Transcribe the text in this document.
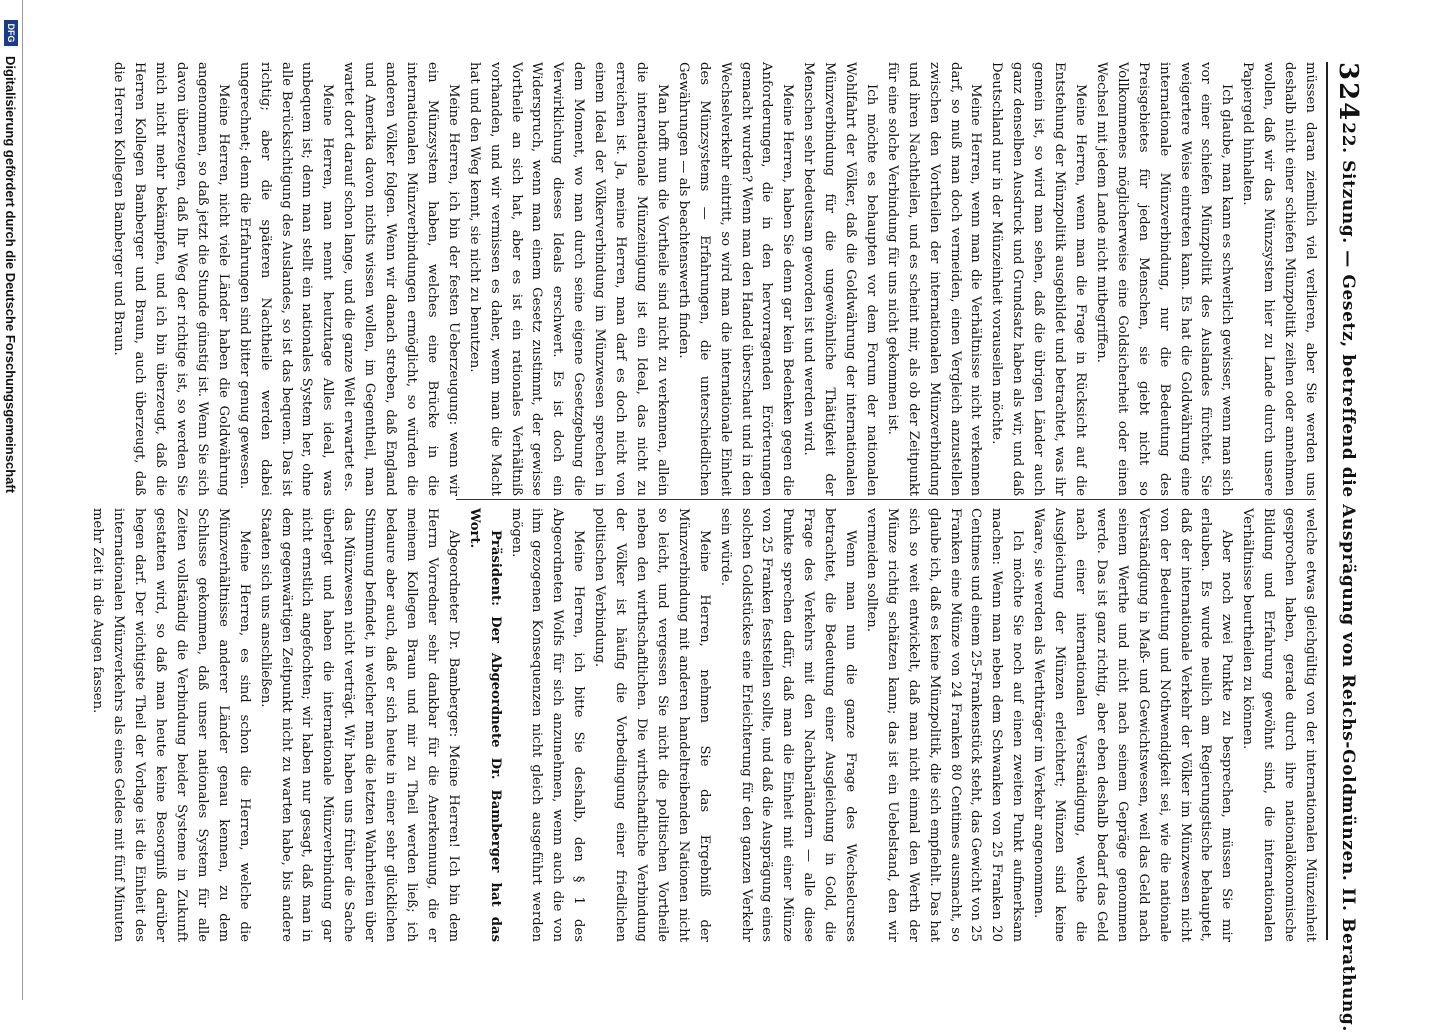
324
22. Sitzung. — Gesetz, betreffend die Ausprägung von Reichs-Goldmünzen. II. Berathung.

müssen daran ziemlich viel verlieren, aber Sie werden uns deshalb nicht einer schiefen Münzpolitik zeihen oder annehmen wollen, daß wir das Münzsystem hier zu Lande durch unsere Papiergeld hinhalten.

Ich glaube, man kann es schwerlich gewisser, wenn man sich vor einer schiefen Münzpolitik des Auslandes fürchtet. Sie weigertere Weise eintreten kann. Es hat die Goldwährung eine internationale Münzverbindung, nur die Bedeutung des Preisgebietes für jeden Menschen, sie giebt nicht so Vollkommenes möglicherweise eine Goldsicherheit oder einen Wechsel mit jedem Lande nicht mitbegriffen.

Meine Herren, wenn man die Frage in Rücksicht auf die Entstehung der Münzpolitik ausgebildet und betrachtet, was ihr gemein ist, so wird man sehen, daß die übrigen Länder auch ganz denselben Ausdruck und Grundsatz haben als wir, und daß Deutschland nur in der Münzeinheit vorauseilen möchte.

Meine Herren, wenn man die Verhältnisse nicht verkennen darf, so muß man doch vermeiden, einen Vergleich anzustellen zwischen den Vortheilen der internationalen Münzverbindung und ihren Nachtheilen, und es scheint mir, als ob der Zeitpunkt für eine solche Verbindung für uns nicht gekommen ist.

Ich möchte es behaupten vor dem Forum der nationalen Wohlfahrt der Völker, daß die Goldwährung der internationalen Münzverbindung für die ungewöhnliche Thätigkeit der Menschen sehr bedeutsam geworden ist und werden wird.

Meine Herren, haben Sie denn gar kein Bedenken gegen die Anforderungen, die in den hervorragenden Erörterungen gemacht wurden? Wenn man den Handel überschaut und in den Wechselverkehr eintritt, so wird man die internationale Einheit des Münzsystems — Erfahrungen, die unterschiedlichen Gewährungen — als beachtenswerth finden.

Man hofft nun die Vortheile sind nicht zu verkennen, allein die internationale Münzeinigung ist ein Ideal, das nicht zu erreichen ist. Ja, meine Herren, man darf es doch nicht von einem Ideal der Völkerverbindung im Münzwesen sprechen in dem Moment, wo man durch seine eigene Gesetzgebung die Verwirklichung dieses Ideals erschwert. Es ist doch ein Widerspruch, wenn man einem Gesetz zustimmt, der gewisse Vortheile an sich hat, aber es ist ein rationales Verhältniß vorhanden, und wir vermissen es daher, wenn man die Macht hat und den Weg kennt, sie nicht zu benutzen.

Meine Herren, ich bin der festen Ueberzeugung: wenn wir ein Münzsystem haben, welches eine Brücke in die internationalen Münzverbindungen ermöglicht, so würden die anderen Völker folgen. Wenn wir danach streben, daß England und Amerika davon nichts wissen wollen, im Gegentheil, man wartet dort darauf schon lange, und die ganze Welt erwartet es.

Meine Herren, man nennt heutzutage Alles ideal, was unbequem ist; denn man stellt ein nationales System her, ohne alle Berücksichtigung des Auslandes, so ist das bequem. Das ist richtig; aber die späteren Nachtheile werden dabei ungerechnet; denn die Erfahrungen sind bitter genug gewesen.

Meine Herren, nicht viele Länder haben die Goldwährung angenommen, so daß jetzt die Stunde günstig ist. Wenn Sie sich davon überzeugen, daß Ihr Weg der richtige ist, so werden Sie mich nicht mehr bekämpfen, und ich bin überzeugt, daß die Herren Kollegen Bamberger und Braun, auch überzeugt, daß die Herren Kollegen Bamberger und Braun.

welche etwas gleichgültig von der internationalen Münzeinheit gesprochen haben, gerade durch ihre nationalökonomische Bildung und Erfahrung gewöhnt sind, die internationalen Verhältnisse beurtheilen zu können.

Aber noch zwei Punkte zu besprechen, müssen Sie mir erlauben. Es wurde neulich am Regierungstische behauptet, daß der internationale Verkehr der Völker im Münzwesen nicht von der Bedeutung und Nothwendigkeit sei, wie die nationale Verständigung in Maß- und Gewichtswesen, weil das Geld nach seinem Werthe und nicht nach seinem Gepräge genommen werde. Das ist ganz richtig, aber eben deshalb bedarf das Geld nach einer internationalen Verständigung, welche die Ausgleichung der Münzen erleichtert; Münzen sind keine Waare, sie werden als Werthträger im Verkehr angenommen.

Ich möchte Sie noch auf einen zweiten Punkt aufmerksam machen: Wenn man neben dem Schwanken von 25 Franken 20 Centimes und einem 25-Frankenstück steht, das Gewicht von 25 Franken eine Münze von 24 Franken 80 Centimes ausmacht, so glaube ich, daß es keine Münzpolitik, die sich empfiehlt. Das hat sich so weit entwickelt, daß man nicht einmal den Werth der Münze richtig schätzen kann; das ist ein Uebelstand, den wir vermeiden sollten.

Wenn man nun die ganze Frage des Wechselcurses betrachtet, die Bedeutung einer Ausgleichung in Gold, die Frage des Verkehrs mit den Nachbarländern — alle diese Punkte sprechen dafür, daß man die Einheit mit einer Münze von 25 Franken feststellen sollte, und daß die Ausprägung eines solchen Goldstückes eine Erleichterung für den ganzen Verkehr sein würde.

Meine Herren, nehmen Sie das Ergebniß der Münzverbindung mit anderen handeltreibenden Nationen nicht so leicht, und vergessen Sie nicht die politischen Vortheile neben den wirthschaftlichen. Die wirthschaftliche Verbindung der Völker ist häufig die Vorbedingung einer friedlichen politischen Verbindung.

Meine Herren, ich bitte Sie deshalb, den § 1 des Abgeordneten Wolfs für sich anzunehmen, wenn auch die von ihm gezogenen Konsequenzen nicht gleich ausgeführt werden mögen.

Präsident: Der Abgeordnete Dr. Bamberger hat das Wort.

Abgeordneter Dr. Bamberger: Meine Herren! Ich bin dem Herrn Vorredner sehr dankbar für die Anerkennung, die er meinem Kollegen Braun und mir zu Theil werden ließ; ich bedaure aber auch, daß er sich heute in einer sehr glücklichen Stimmung befindet, in welcher man die letzten Wahrheiten über das Münzwesen nicht verträgt. Wir haben uns früher die Sache überlegt und haben die internationale Münzverbindung gar nicht ernstlich angefochten; wir haben nur gesagt, daß man in dem gegenwärtigen Zeitpunkt nicht zu warten habe, bis andere Staaten sich uns anschließen.

Meine Herren, es sind schon die Herren, welche die Münzverhältnisse anderer Länder genau kennen, zu dem Schlusse gekommen, daß unser nationales System für alle Zeiten vollständig die Verbindung beider Systeme in Zukunft gestatten wird, so daß man heute keine Besorgniß darüber hegen darf. Der wichtigste Theil der Vorlage ist die Einheit des internationalen Münzverkehrs als eines Geldes mit fünf Minuten mehr Zeit in die Augen fassen.

DFG
Digitalisierung gefördert durch die Deutsche Forschungsgemeinschaft
